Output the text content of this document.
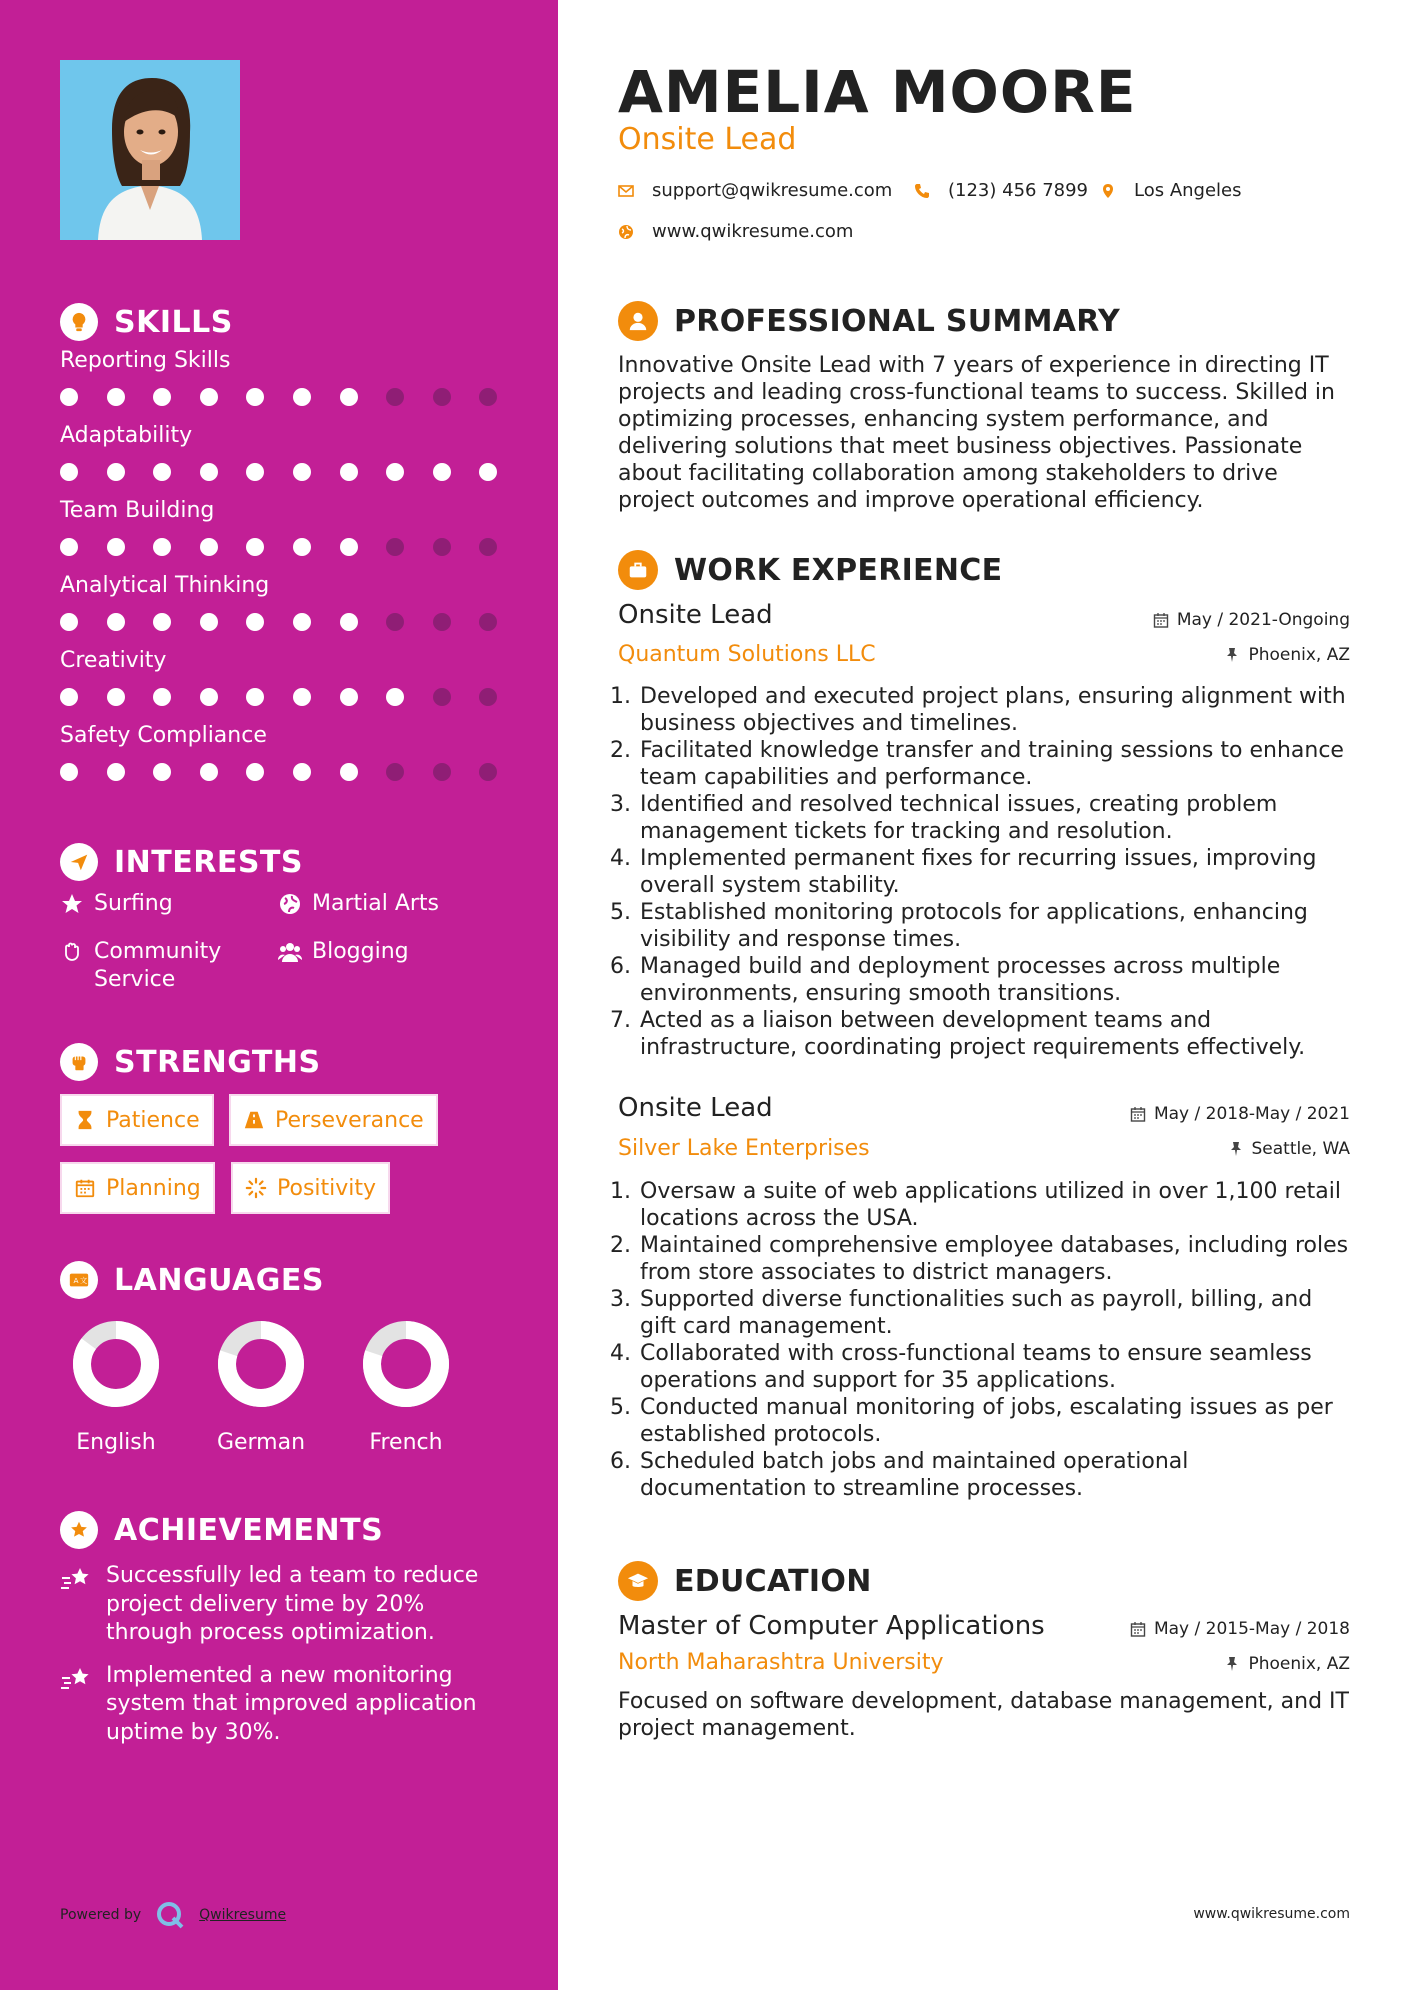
SKILLS
Reporting Skills
Adaptability
Team Building
Analytical Thinking
Creativity
Safety Compliance
INTERESTS
Surfing	Martial Arts
Community Service
Blogging
STRENGTHS
Patience	Perseverance
Planning	Positivity
A 文 LANGUAGES
English	German	French
ACHIEVEMENTS
Successfully led a team to reduce project delivery time by 20% through process optimization.
Implemented a new monitoring system that improved application uptime by 30%.
Powered by	Qwikresume
AMELIA MOORE
Onsite Lead
support@qwikresume.com	(123) 456 7899	Los Angeles
www.qwikresume.com
PROFESSIONAL SUMMARY

Innovative Onsite Lead with 7 years of experience in directing IT projects and leading cross-functional teams to success. Skilled in optimizing processes, enhancing system performance, and delivering solutions that meet business objectives. Passionate about facilitating collaboration among stakeholders to drive project outcomes and improve operational efficiency.

WORK EXPERIENCE
Onsite Lead	May / 2021-Ongoing
Quantum Solutions LLC	Phoenix, AZ
1. Developed and executed project plans, ensuring alignment with business objectives and timelines.
2. Facilitated knowledge transfer and training sessions to enhance team capabilities and performance.
3. Identified and resolved technical issues, creating problem management tickets for tracking and resolution.
4. Implemented permanent fixes for recurring issues, improving overall system stability.
5. Established monitoring protocols for applications, enhancing visibility and response times.
6. Managed build and deployment processes across multiple environments, ensuring smooth transitions.
7. Acted as a liaison between development teams and infrastructure, coordinating project requirements effectively.
Onsite Lead	May / 2018-May / 2021
Silver Lake Enterprises	Seattle, WA
1. Oversaw a suite of web applications utilized in over 1,100 retail locations across the USA.
2. Maintained comprehensive employee databases, including roles from store associates to district managers.
3. Supported diverse functionalities such as payroll, billing, and gift card management.
4. Collaborated with cross-functional teams to ensure seamless operations and support for 35 applications.
5. Conducted manual monitoring of jobs, escalating issues as per established protocols.
6. Scheduled batch jobs and maintained operational documentation to streamline processes.
EDUCATION
Master of Computer Applications	May / 2015-May / 2018
North Maharashtra University	Phoenix, AZ

Focused on software development, database management, and IT project management.

www.qwikresume.com
